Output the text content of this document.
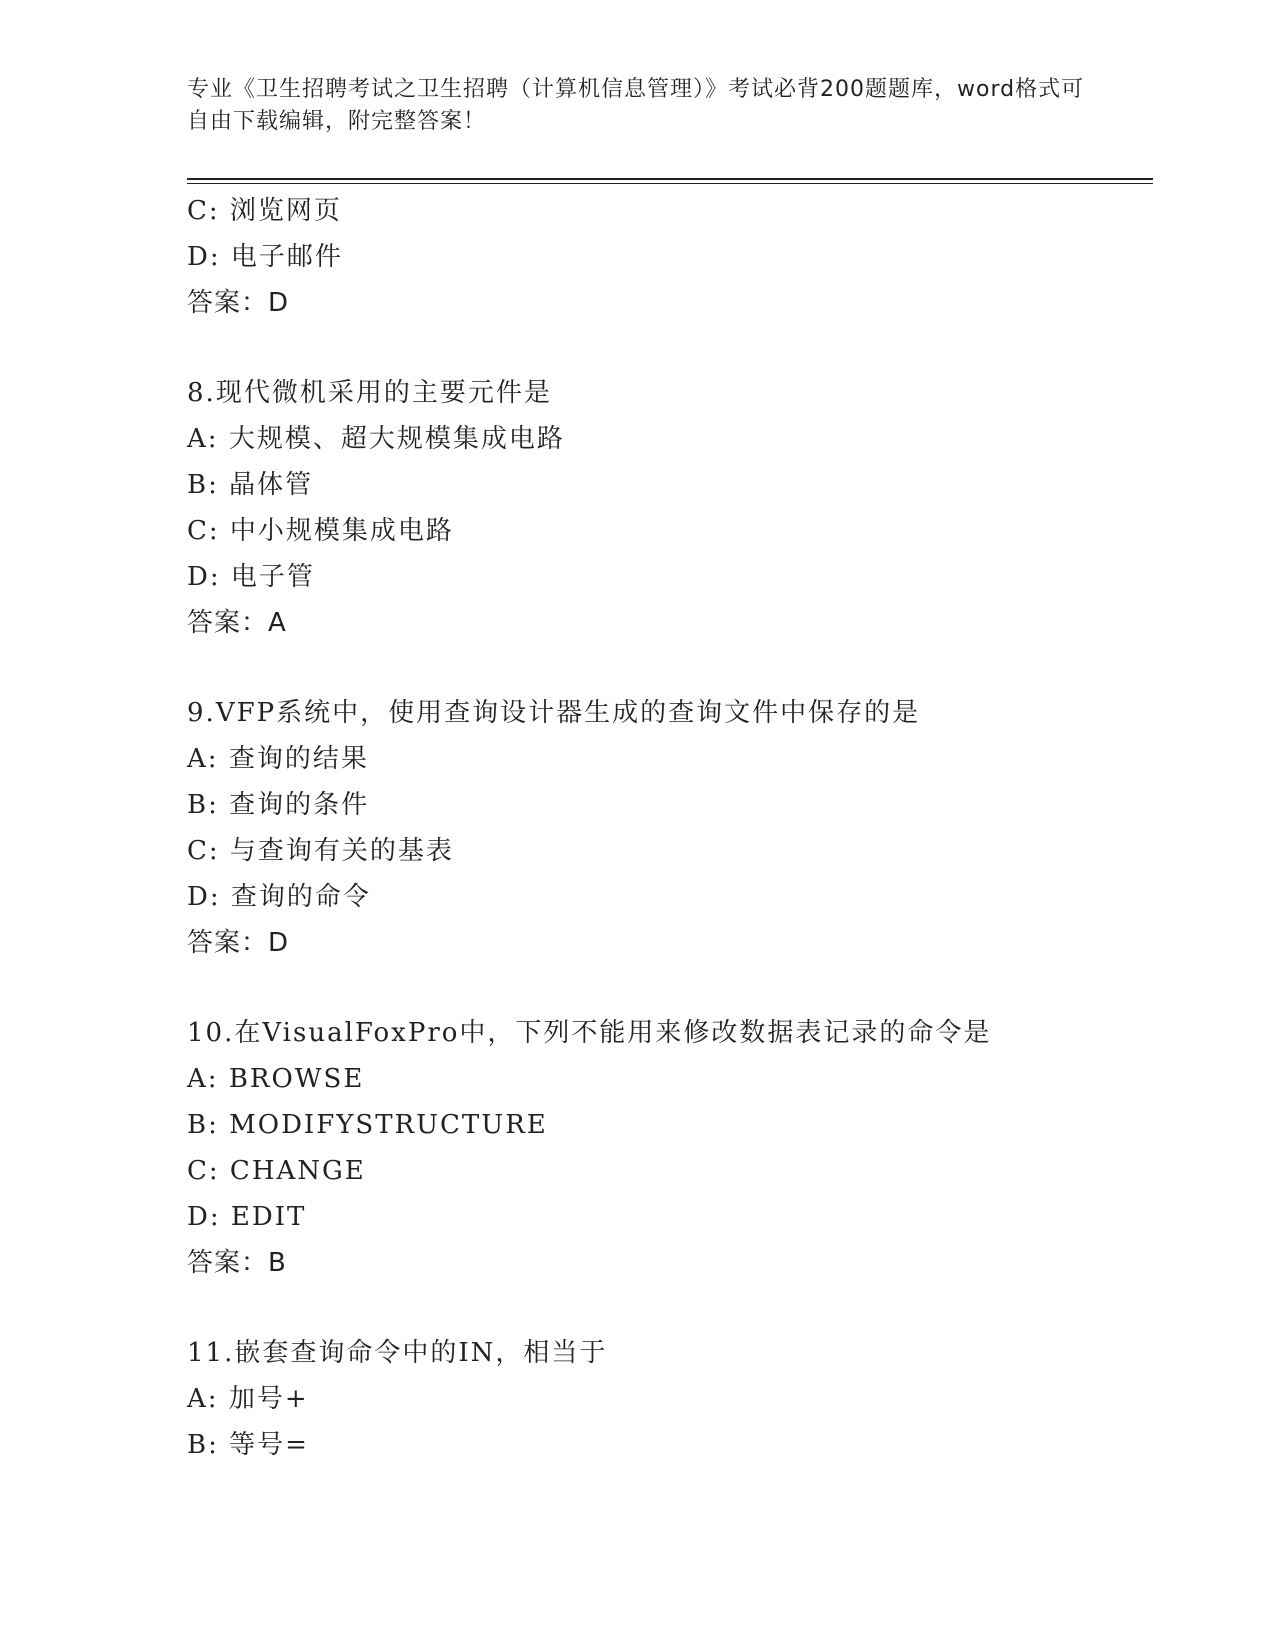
专业《卫生招聘考试之卫生招聘（计算机信息管理）》考试必背200题题库，word格式可自由下载编辑，附完整答案！
C: 浏览网页
D: 电子邮件
答案：D
8.现代微机采用的主要元件是
A: 大规模、超大规模集成电路
B: 晶体管
C: 中小规模集成电路
D: 电子管
答案：A
9.VFP系统中，使用查询设计器生成的查询文件中保存的是
A: 查询的结果
B: 查询的条件
C: 与查询有关的基表
D: 查询的命令
答案：D
10.在VisualFoxPro中，下列不能用来修改数据表记录的命令是
A: BROWSE
B: MODIFYSTRUCTURE
C: CHANGE
D: EDIT
答案：B
11.嵌套查询命令中的IN，相当于
A: 加号+
B: 等号=
